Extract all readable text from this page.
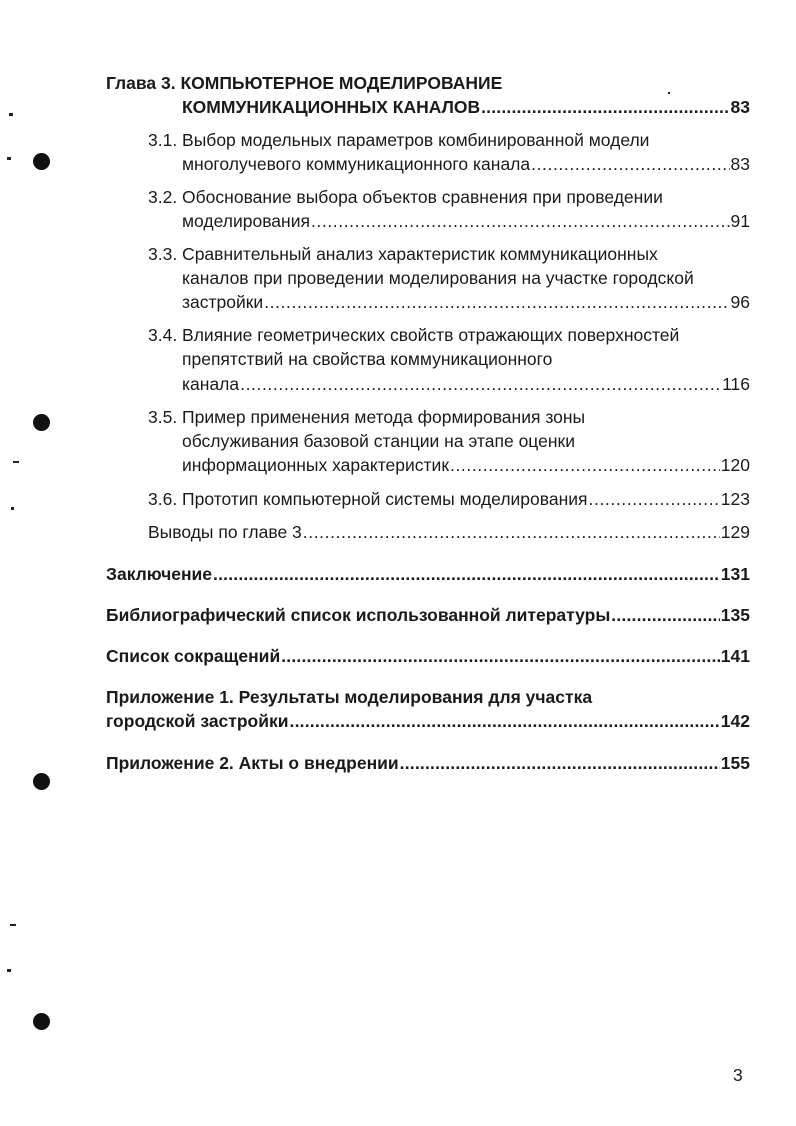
Глава 3. КОМПЬЮТЕРНОЕ МОДЕЛИРОВАНИЕ
КОММУНИКАЦИОННЫХ КАНАЛОВ .....	83
3.1. Выбор модельных параметров комбинированной модели
многолучевого коммуникационного канала .....	83
3.2. Обоснование выбора объектов сравнения при проведении
моделирования .....	91
3.3. Сравнительный анализ характеристик коммуникационных
каналов при проведении моделирования на участке городской
застройки .....	96
3.4. Влияние геометрических свойств отражающих поверхностей
препятствий на свойства коммуникационного
канала .....	116
3.5. Пример применения метода формирования зоны
обслуживания базовой станции на этапе оценки
информационных характеристик .....	120
3.6. Прототип компьютерной системы моделирования .....	123
Выводы по главе 3 .....	129
Заключение .....	131
Библиографический список использованной литературы .....	135
Список сокращений .....	141
Приложение 1. Результаты моделирования для участка
городской застройки .....	142
Приложение 2. Акты о внедрении .....	155
3
